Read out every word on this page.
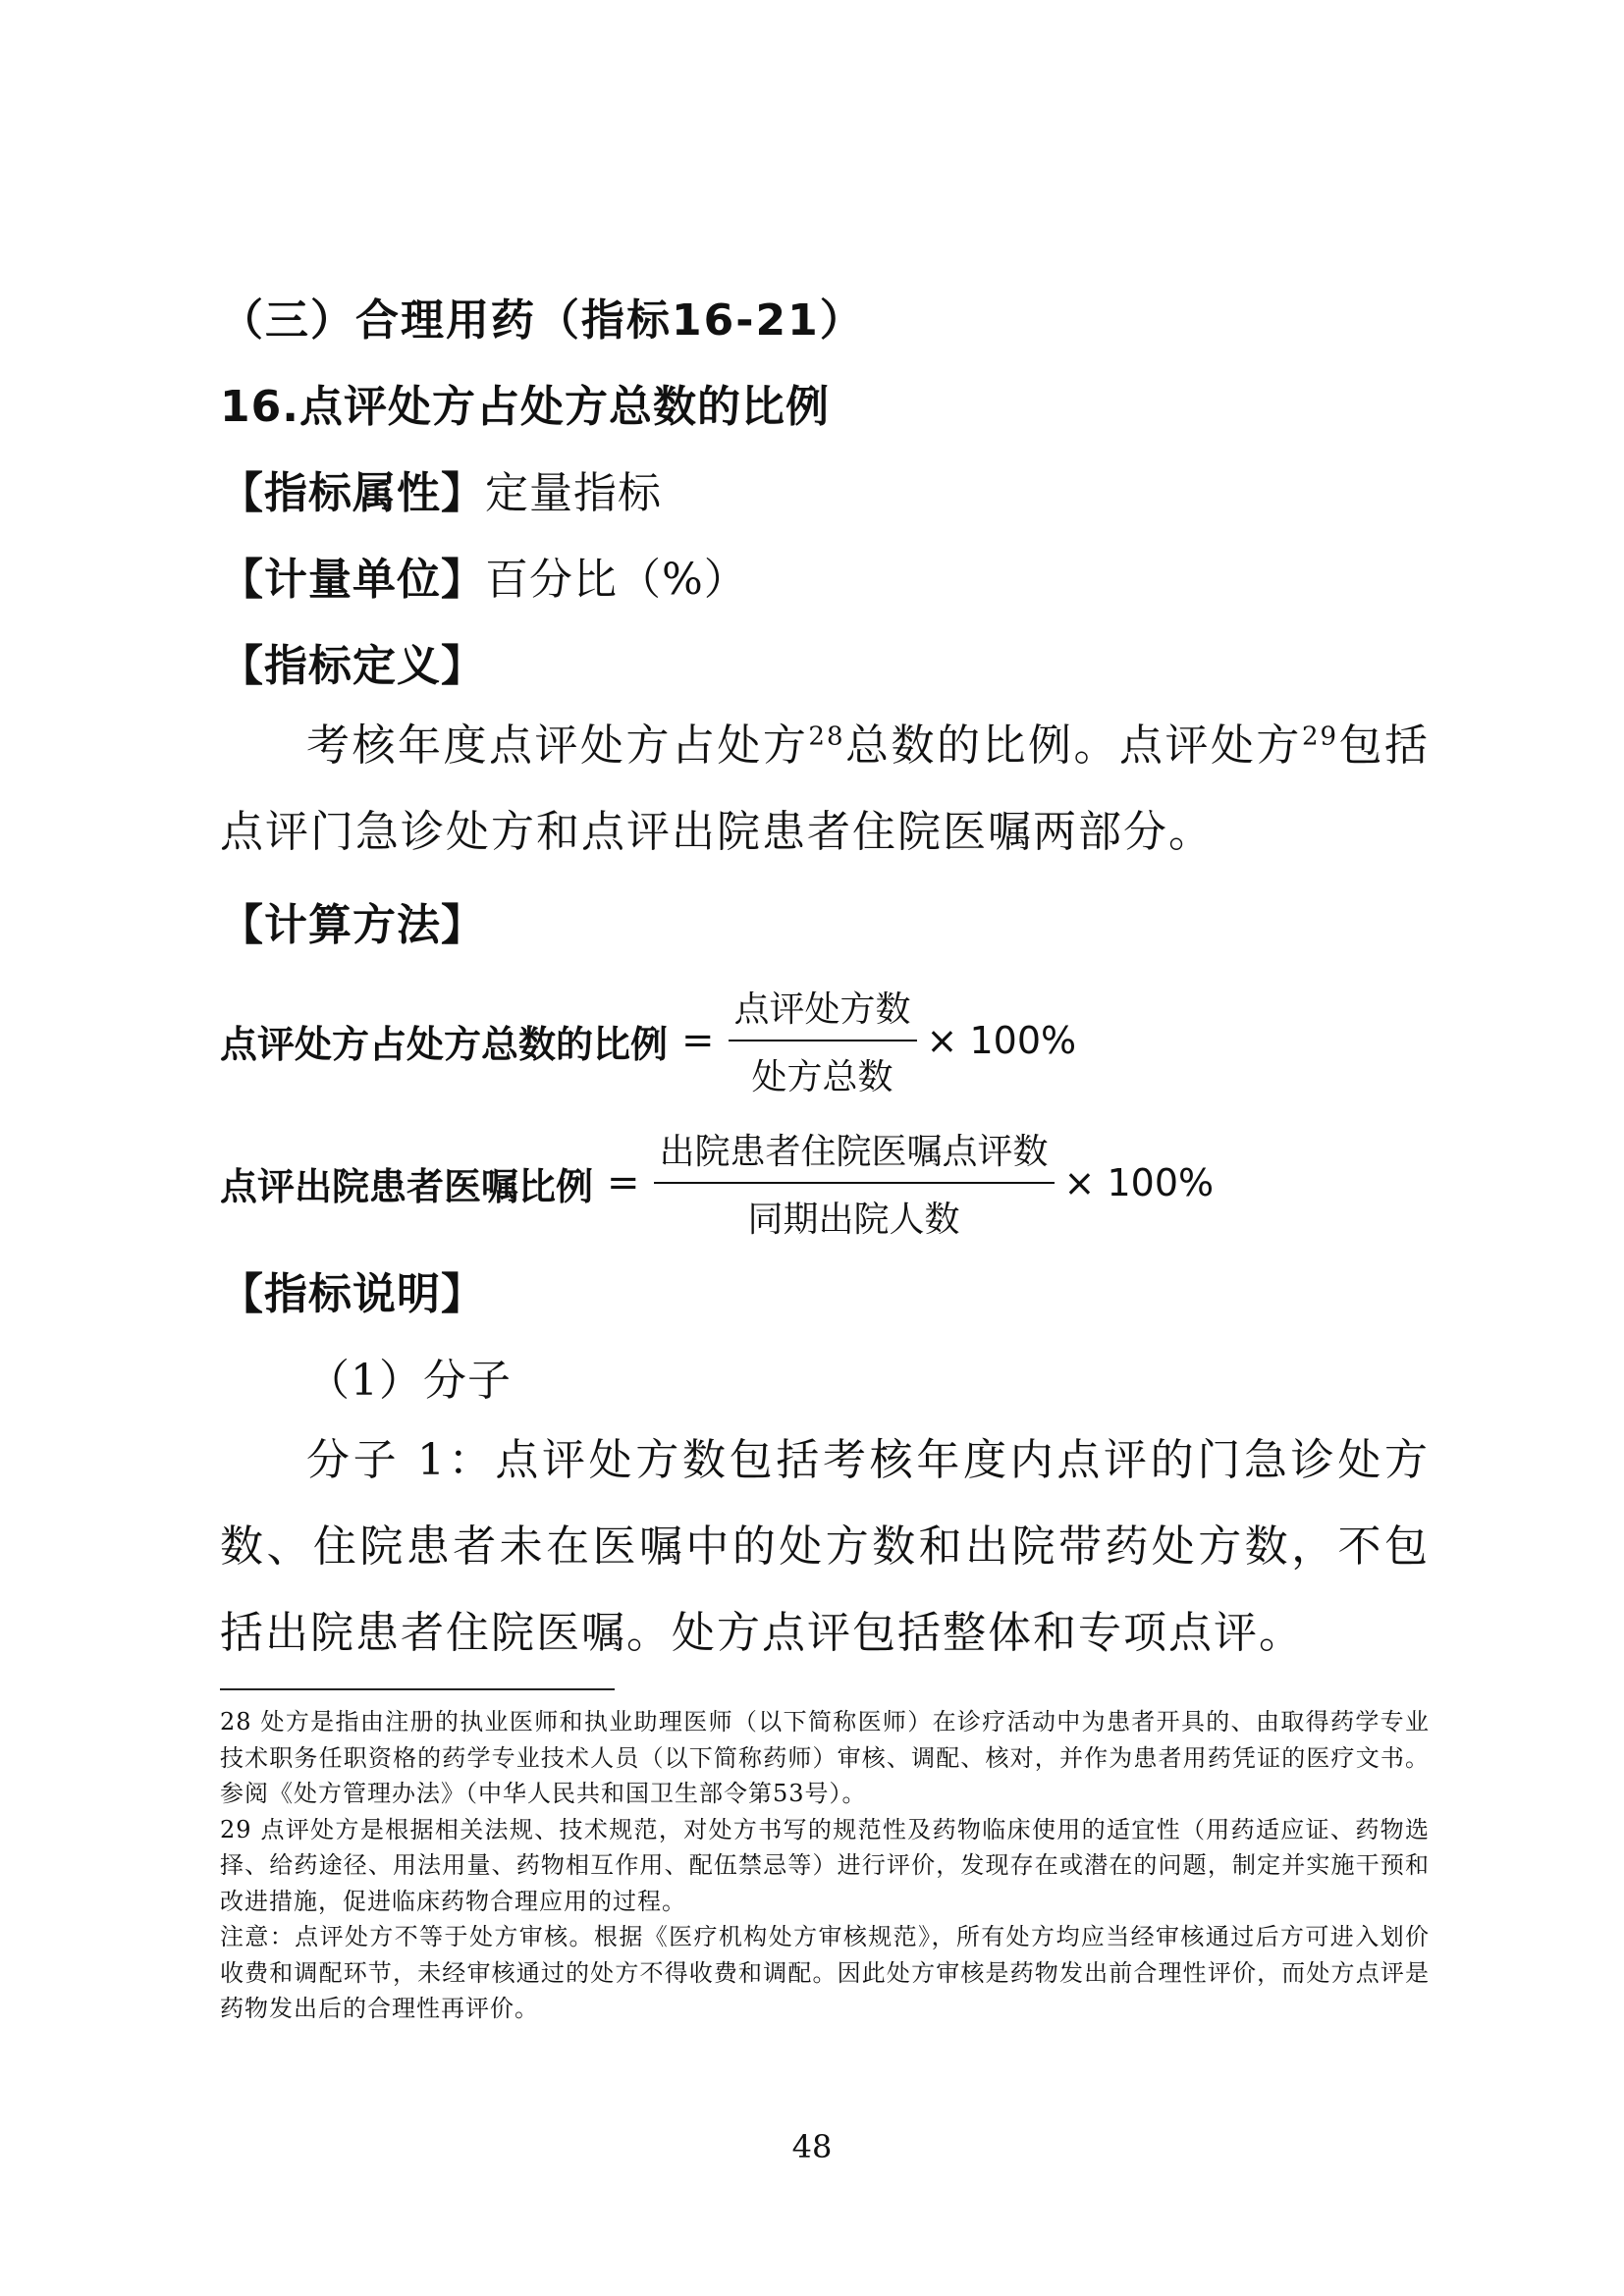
（三）合理用药（指标16-21）
16.点评处方占处方总数的比例
【指标属性】定量指标
【计量单位】百分比（%）
【指标定义】
考核年度点评处方占处方$^{28}$总数的比例。点评处方$^{29}$包括点评门急诊处方和点评出院患者住院医嘱两部分。
【计算方法】
点评处方占处方总数的比例 = $\frac{\text{点评处方数}}{\text{处方总数}} \times 100\%$
点评出院患者医嘱比例 = $\frac{\text{出院患者住院医嘱点评数}}{\text{同期出院人数}} \times 100\%$
【指标说明】
（1）分子
分子 1：点评处方数包括考核年度内点评的门急诊处方数、住院患者未在医嘱中的处方数和出院带药处方数，不包括出院患者住院医嘱。处方点评包括整体和专项点评。

28 处方是指由注册的执业医师和执业助理医师（以下简称医师）在诊疗活动中为患者开具的、由取得药学专业技术职务任职资格的药学专业技术人员（以下简称药师）审核、调配、核对，并作为患者用药凭证的医疗文书。参阅《处方管理办法》（中华人民共和国卫生部令第53号）。

29 点评处方是根据相关法规、技术规范，对处方书写的规范性及药物临床使用的适宜性（用药适应证、药物选择、给药途径、用法用量、药物相互作用、配伍禁忌等）进行评价，发现存在或潜在的问题，制定并实施干预和改进措施，促进临床药物合理应用的过程。

注意：点评处方不等于处方审核。根据《医疗机构处方审核规范》，所有处方均应当经审核通过后方可进入划价收费和调配环节，未经审核通过的处方不得收费和调配。因此处方审核是药物发出前合理性评价，而处方点评是药物发出后的合理性再评价。

48
